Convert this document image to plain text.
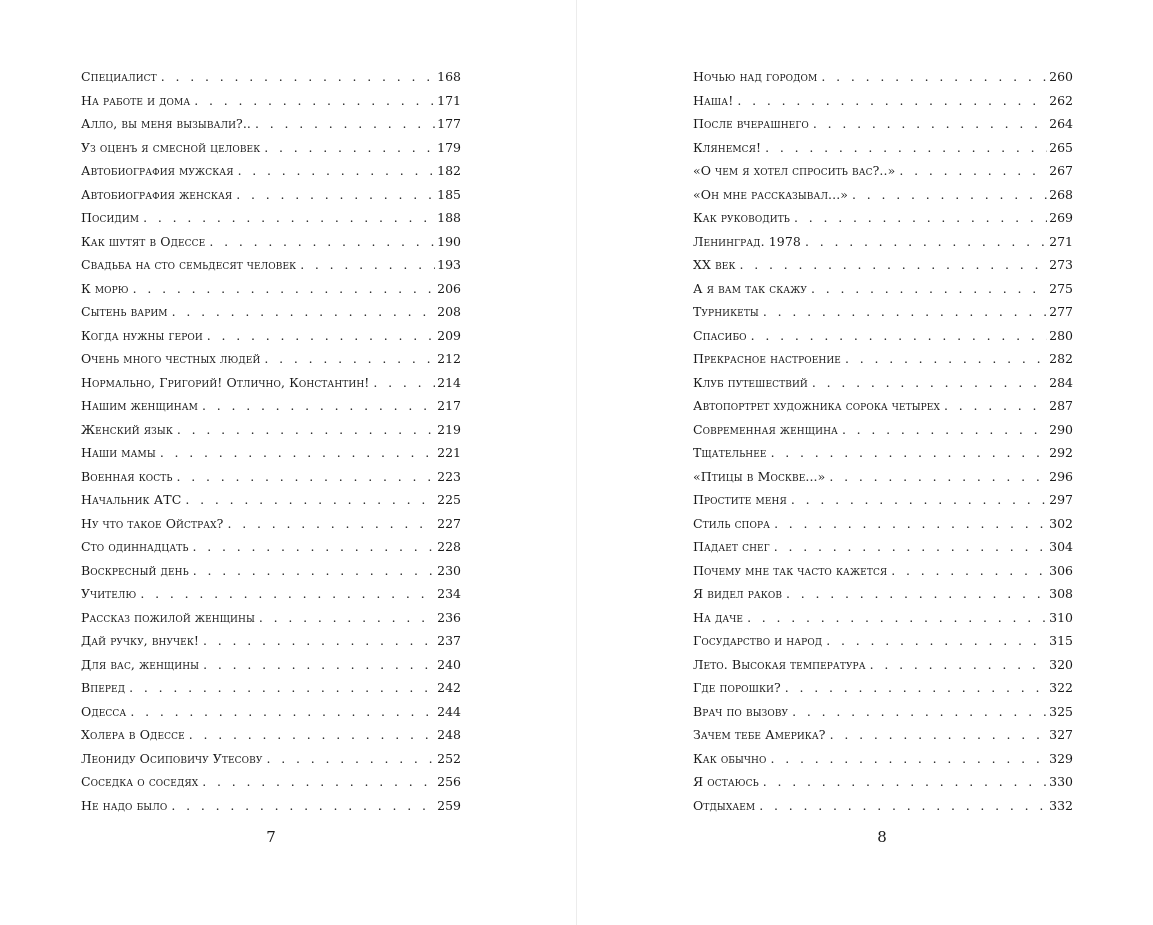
Специалист . . .	168
На работе и дома . . .	171
Алло, вы меня вызывали?.. . . .	177
Уз оценъ я смесной целовек . . .	179
Автобиография мужская . . .	182
Автобиография женская . . .	185
Посидим . . .	188
Как шутят в Одессе . . .	190
Свадьба на сто семьдесят человек . . .	193
К морю . . .	206
Сытень варим . . .	208
Когда нужны герои . . .	209
Очень много честных людей . . .	212
Нормально, Григорий! Отлично, Константин! . . .	214
Нашим женщинам . . .	217
Женский язык . . .	219
Наши мамы . . .	221
Военная кость . . .	223
Начальник АТС . . .	225
Ну что такое Ойстрах? . . .	227
Сто одиннадцать . . .	228
Воскресный день . . .	230
Учителю . . .	234
Рассказ пожилой женщины . . .	236
Дай ручку, внучек! . . .	237
Для вас, женщины . . .	240
Вперед . . .	242
Одесса . . .	244
Холера в Одессе . . .	248
Леониду Осиповичу Утесову . . .	252
Соседка о соседях . . .	256
Не надо было . . .	259
7
Ночью над городом . . .	260
Наша! . . .	262
После вчерашнего . . .	264
Клянемся! . . .	265
«О чем я хотел спросить вас?..» . . .	267
«Он мне рассказывал...» . . .	268
Как руководить . . .	269
Ленинград. 1978 . . .	271
XX век . . .	273
А я вам так скажу . . .	275
Турникеты . . .	277
Спасибо . . .	280
Прекрасное настроение . . .	282
Клуб путешествий . . .	284
Автопортрет художника сорока четырех . . .	287
Современная женщина . . .	290
Тщательнее . . .	292
«Птицы в Москве...» . . .	296
Простите меня . . .	297
Стиль спора . . .	302
Падает снег . . .	304
Почему мне так часто кажется . . .	306
Я видел раков . . .	308
На даче . . .	310
Государство и народ . . .	315
Лето. Высокая температура . . .	320
Где порошки? . . .	322
Врач по вызову . . .	325
Зачем тебе Америка? . . .	327
Как обычно . . .	329
Я остаюсь . . .	330
Отдыхаем . . .	332
8
